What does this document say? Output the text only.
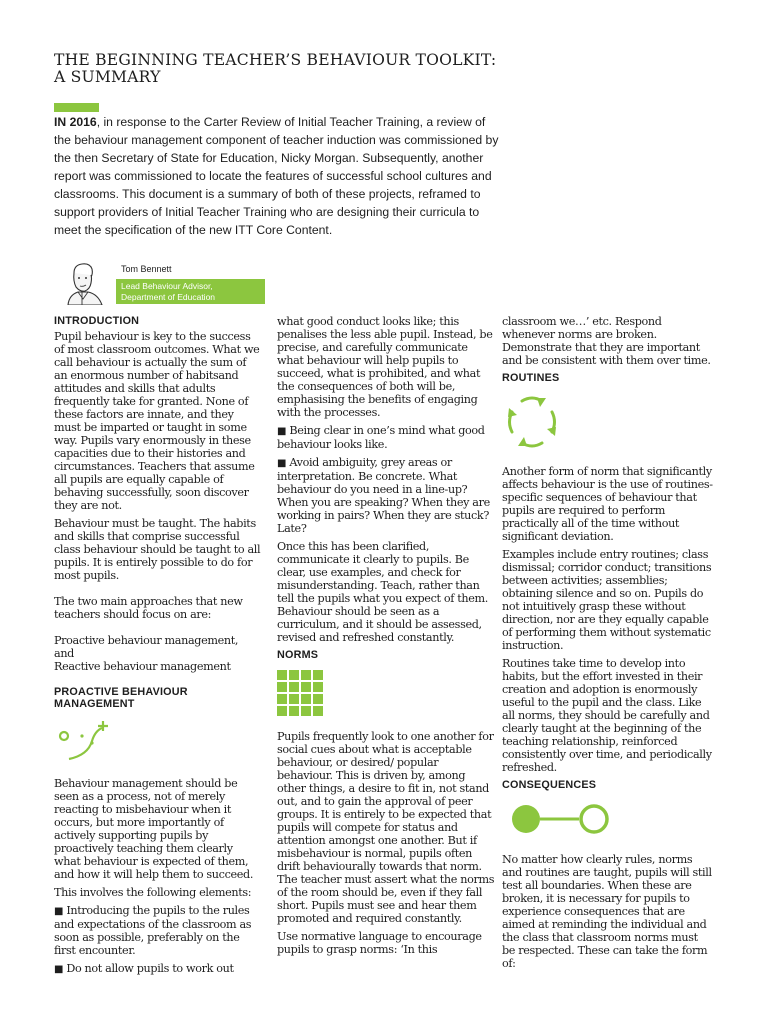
THE BEGINNING TEACHER’S BEHAVIOUR TOOLKIT:
A SUMMARY
IN 2016, in response to the Carter Review of Initial Teacher Training, a review of the behaviour management component of teacher induction was commissioned by the then Secretary of State for Education, Nicky Morgan. Subsequently, another report was commissioned to locate the features of successful school cultures and classrooms. This document is a summary of both of these projects, reframed to support providers of Initial Teacher Training who are designing their curricula to meet the specification of the new ITT Core Content.
Tom Bennett
Lead Behaviour Advisor,
Department of Education
INTRODUCTION

Pupil behaviour is key to the success of most classroom outcomes. What we call behaviour is actually the sum of an enormous number of habitsand attitudes and skills that adults frequently take for granted. None of these factors are innate, and they must be imparted or taught in some way. Pupils vary enormously in these capacities due to their histories and circumstances. Teachers that assume all pupils are equally capable of behaving successfully, soon discover they are not.

Behaviour must be taught. The habits and skills that comprise successful class behaviour should be taught to all pupils. It is entirely possible to do for most pupils.

The two main approaches that new teachers should focus on are:

Proactive behaviour management,
and
Reactive behaviour management

PROACTIVE BEHAVIOUR
MANAGEMENT

Behaviour management should be seen as a process, not of merely reacting to misbehaviour when it occurs, but more importantly of actively supporting pupils by proactively teaching them clearly what behaviour is expected of them, and how it will help them to succeed.

This involves the following elements:

■ Introducing the pupils to the rules and expectations of the classroom as soon as possible, preferably on the first encounter.

■ Do not allow pupils to work out

what good conduct looks like; this penalises the less able pupil. Instead, be precise, and carefully communicate what behaviour will help pupils to succeed, what is prohibited, and what the consequences of both will be, emphasising the benefits of engaging with the processes.

■ Being clear in one’s mind what good behaviour looks like.

■ Avoid ambiguity, grey areas or interpretation. Be concrete. What behaviour do you need in a line-up? When you are speaking? When they are working in pairs? When they are stuck? Late?

Once this has been clarified, communicate it clearly to pupils. Be clear, use examples, and check for misunderstanding. Teach, rather than tell the pupils what you expect of them. Behaviour should be seen as a curriculum, and it should be assessed, revised and refreshed constantly.

NORMS

Pupils frequently look to one another for social cues about what is acceptable behaviour, or desired/ popular behaviour. This is driven by, among other things, a desire to fit in, not stand out, and to gain the approval of peer groups. It is entirely to be expected that pupils will compete for status and attention amongst one another. But if misbehaviour is normal, pupils often drift behaviourally towards that norm. The teacher must assert what the norms of the room should be, even if they fall short. Pupils must see and hear them promoted and required constantly.

Use normative language to encourage pupils to grasp norms: ‘In this

classroom we…’ etc. Respond whenever norms are broken. Demonstrate that they are important and be consistent with them over time.

ROUTINES

Another form of norm that significantly affects behaviour is the use of routines- specific sequences of behaviour that pupils are required to perform practically all of the time without significant deviation.

Examples include entry routines; class dismissal; corridor conduct; transitions between activities; assemblies; obtaining silence and so on. Pupils do not intuitively grasp these without direction, nor are they equally capable of performing them without systematic instruction.

Routines take time to develop into habits, but the effort invested in their creation and adoption is enormously useful to the pupil and the class. Like all norms, they should be carefully and clearly taught at the beginning of the teaching relationship, reinforced consistently over time, and periodically refreshed.

CONSEQUENCES

No matter how clearly rules, norms and routines are taught, pupils will still test all boundaries. When these are broken, it is necessary for pupils to experience consequences that are aimed at reminding the individual and the class that classroom norms must be respected. These can take the form of:
